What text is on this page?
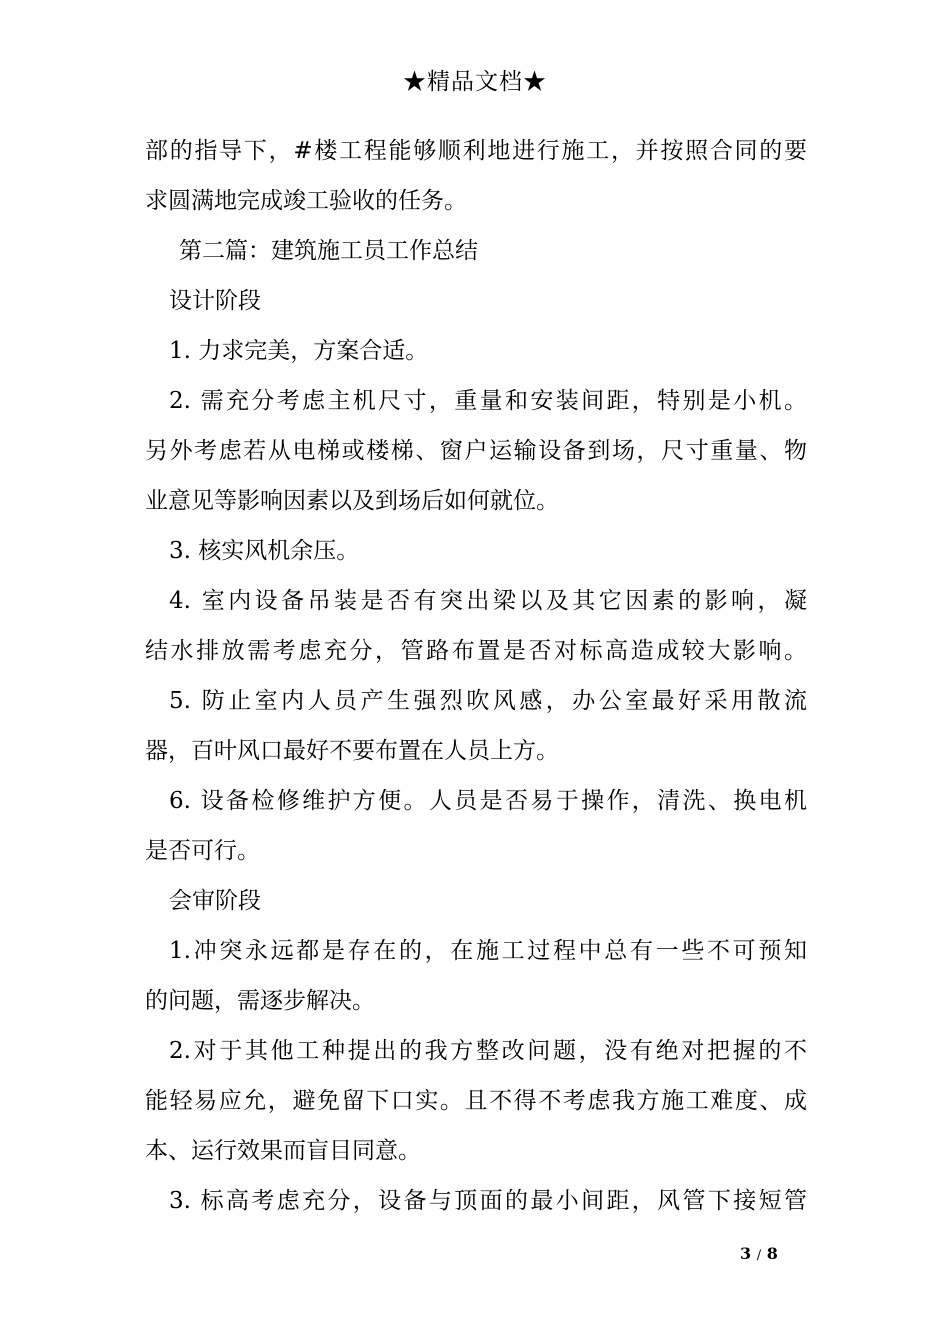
★精品文档★
部的指导下，#楼工程能够顺利地进行施工，并按照合同的要
求圆满地完成竣工验收的任务。
第二篇：建筑施工员工作总结
设计阶段
1. 力求完美，方案合适。
2. 需充分考虑主机尺寸，重量和安装间距，特别是小机。
另外考虑若从电梯或楼梯、窗户运输设备到场，尺寸重量、物
业意见等影响因素以及到场后如何就位。
3. 核实风机余压。
4. 室内设备吊装是否有突出梁以及其它因素的影响，凝
结水排放需考虑充分，管路布置是否对标高造成较大影响。
5. 防止室内人员产生强烈吹风感，办公室最好采用散流
器，百叶风口最好不要布置在人员上方。
6. 设备检修维护方便。人员是否易于操作，清洗、换电机
是否可行。
会审阶段
1.冲突永远都是存在的，在施工过程中总有一些不可预知
的问题，需逐步解决。
2.对于其他工种提出的我方整改问题，没有绝对把握的不
能轻易应允，避免留下口实。且不得不考虑我方施工难度、成
本、运行效果而盲目同意。
3. 标高考虑充分，设备与顶面的最小间距，风管下接短管
3 / 8
